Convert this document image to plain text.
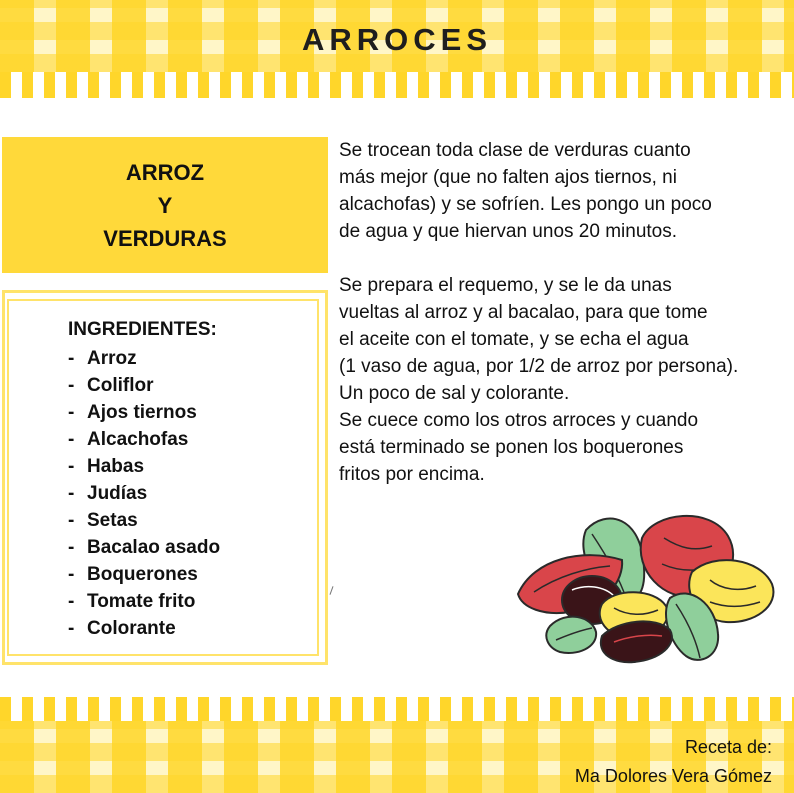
ARROCES
ARROZ
Y
VERDURAS
INGREDIENTES:
- Arroz
- Coliflor
- Ajos tiernos
- Alcachofas
- Habas
- Judías
- Setas
- Bacalao asado
- Boquerones
- Tomate frito
- Colorante

Se trocean toda clase de verduras cuanto
más mejor (que no falten ajos tiernos, ni
alcachofas) y se sofríen. Les pongo un poco
de agua y que hiervan unos 20 minutos.

Se prepara el requemo, y se le da unas
vueltas al arroz y al bacalao, para que tome
el aceite con el tomate, y se echa el agua
(1 vaso de agua, por 1/2 de arroz por persona).
Un poco de sal y colorante.
Se cuece como los otros arroces y cuando
está terminado se ponen los boquerones
fritos por encima.

Receta de:
Ma Dolores Vera Gómez
